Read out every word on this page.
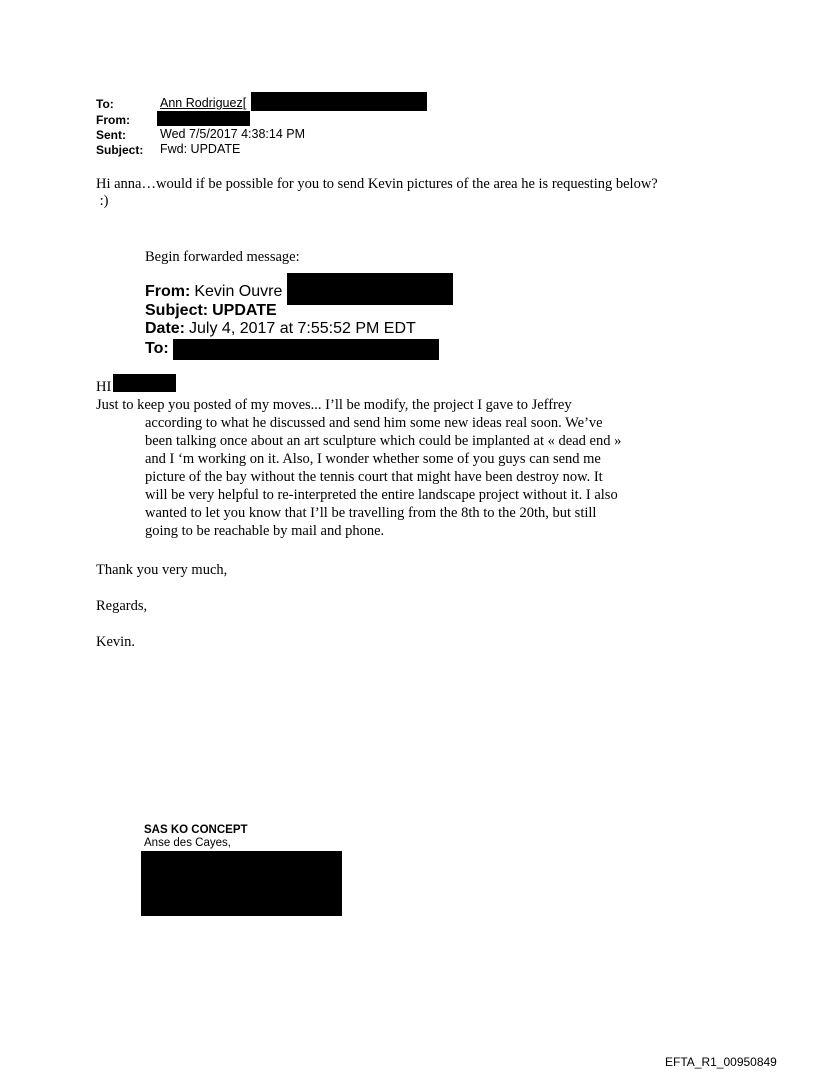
To:	Ann Rodriguez[
From:
Sent:	Wed 7/5/2017 4:38:14 PM
Subject: Fwd: UPDATE
Hi anna…would if be possible for you to send Kevin pictures of the area he is requesting below?
:)
Begin forwarded message:
From: Kevin Ouvre
Subject: UPDATE
Date: July 4, 2017 at 7:55:52 PM EDT
To:
HI
Just to keep you posted of my moves... I’ll be modify, the project I gave to Jeffrey
according to what he discussed and send him some new ideas real soon. We’ve
been talking once about an art sculpture which could be implanted at « dead end »
and I ‘m working on it. Also, I wonder whether some of you guys can send me
picture of the bay without the tennis court that might have been destroy now. It
will be very helpful to re-interpreted the entire landscape project without it. I also
wanted to let you know that I’ll be travelling from the 8th to the 20th, but still
going to be reachable by mail and phone.
Thank you very much,
Regards,
Kevin.
SAS KO CONCEPT
Anse des Cayes,
EFTA_R1_00950849
